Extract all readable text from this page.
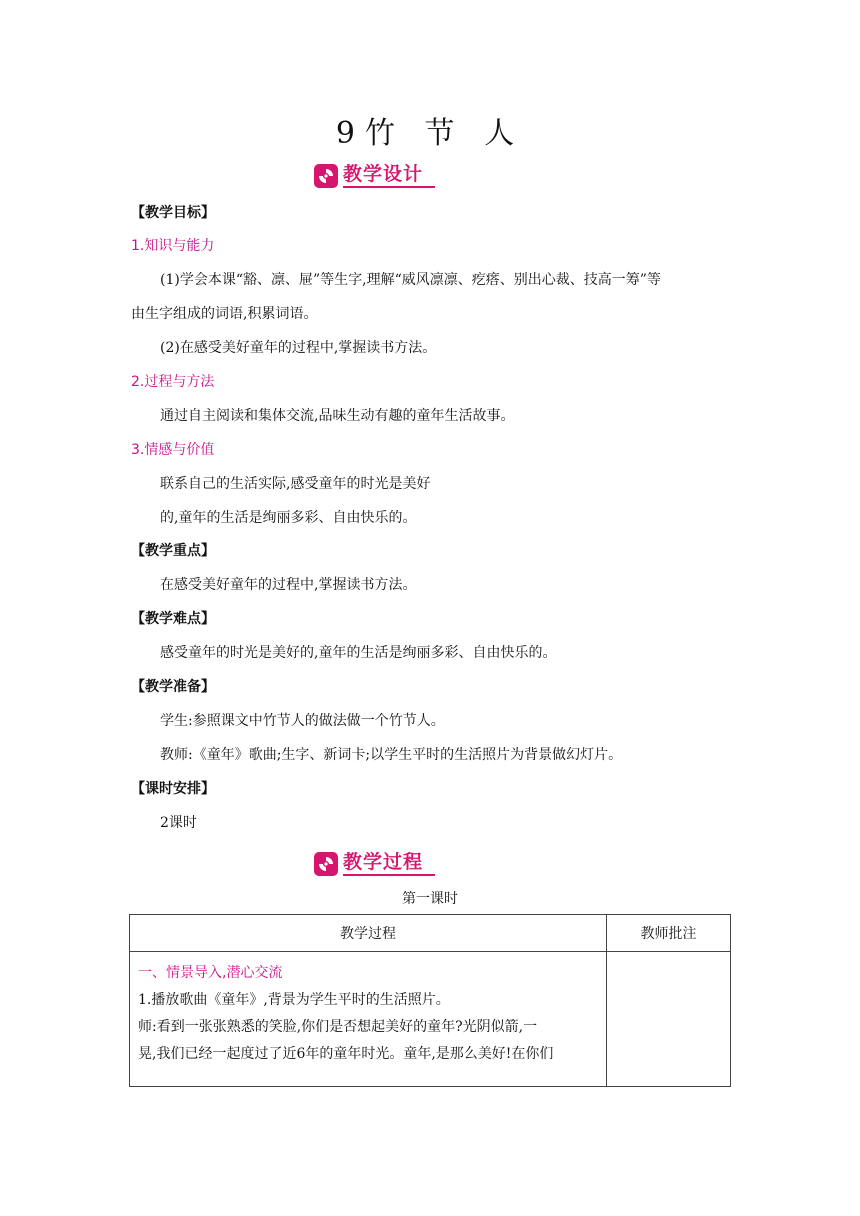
9竹 节 人
教学设计
【教学目标】
1.知识与能力
(1)学会本课“豁、凛、屉”等生字,理解“威风凛凛、疙瘩、别出心裁、技高一筹”等
由生字组成的词语,积累词语。
(2)在感受美好童年的过程中,掌握读书方法。
2.过程与方法
通过自主阅读和集体交流,品味生动有趣的童年生活故事。
3.情感与价值
联系自己的生活实际,感受童年的时光是美好
的,童年的生活是绚丽多彩、自由快乐的。
【教学重点】
在感受美好童年的过程中,掌握读书方法。
【教学难点】
感受童年的时光是美好的,童年的生活是绚丽多彩、自由快乐的。
【教学准备】
学生:参照课文中竹节人的做法做一个竹节人。
教师:《童年》歌曲;生字、新词卡;以学生平时的生活照片为背景做幻灯片。
【课时安排】
2课时
教学过程
第一课时
教学过程	教师批注

一、情景导入,潜心交流
1.播放歌曲《童年》,背景为学生平时的生活照片。
师:看到一张张熟悉的笑脸,你们是否想起美好的童年?光阴似箭,一
晃,我们已经一起度过了近6年的童年时光。童年,是那么美好!在你们	
